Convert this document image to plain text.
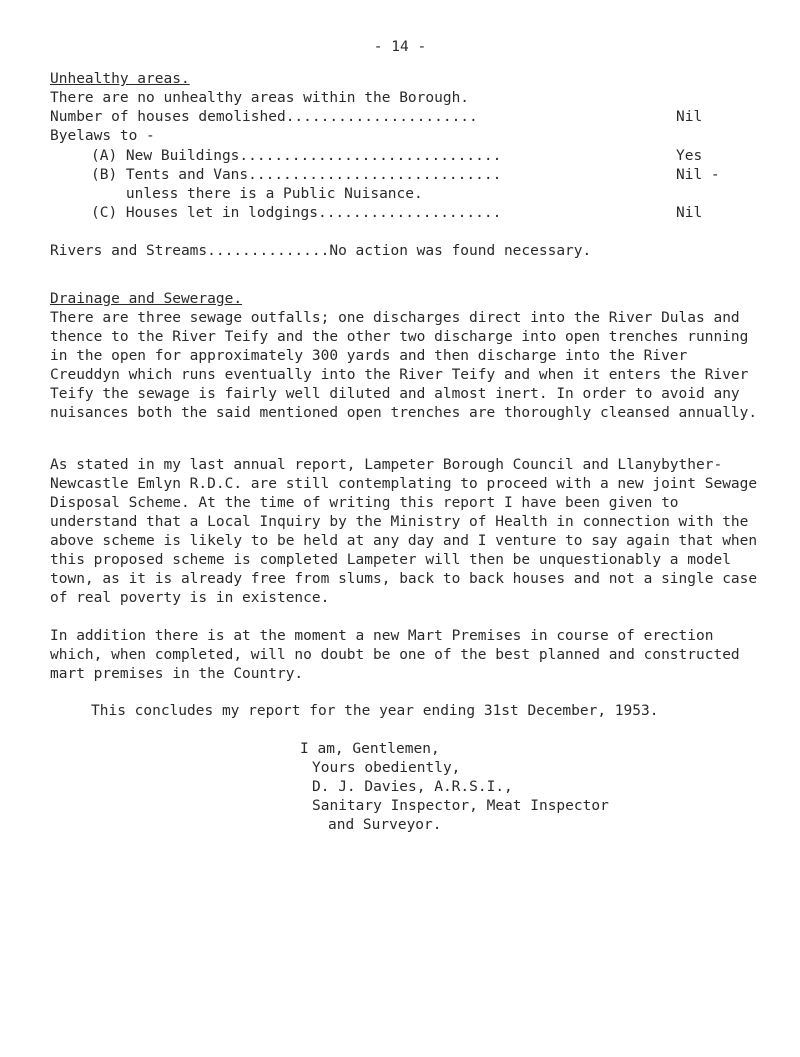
- 14 -
Unhealthy areas.
There are no unhealthy areas within the Borough.
Number of houses demolished......................	Nil
Byelaws to -
(A) New Buildings..............................	Yes
(B) Tents and Vans.............................	Nil -
unless there is a Public Nuisance.
(C) Houses let in lodgings.....................	Nil
Rivers and Streams..............No action was found necessary.
Drainage and Sewerage.
There are three sewage outfalls; one discharges direct into the River Dulas and thence to the River Teify and the other two discharge into open trenches running in the open for approximately 300 yards and then discharge into the River Creuddyn which runs eventually into the River Teify and when it enters the River Teify the sewage is fairly well diluted and almost inert. In order to avoid any nuisances both the said mentioned open trenches are thoroughly cleansed annually.
As stated in my last annual report, Lampeter Borough Council and Llanybyther-Newcastle Emlyn R.D.C. are still contemplating to proceed with a new joint Sewage Disposal Scheme. At the time of writing this report I have been given to understand that a Local Inquiry by the Ministry of Health in connection with the above scheme is likely to be held at any day and I venture to say again that when this proposed scheme is completed Lampeter will then be unquestionably a model town, as it is already free from slums, back to back houses and not a single case of real poverty is in existence.
In addition there is at the moment a new Mart Premises in course of erection which, when completed, will no doubt be one of the best planned and constructed mart premises in the Country.
This concludes my report for the year ending 31st December, 1953.
I am, Gentlemen,
Yours obediently,
D. J. Davies, A.R.S.I.,
Sanitary Inspector, Meat Inspector
and Surveyor.
